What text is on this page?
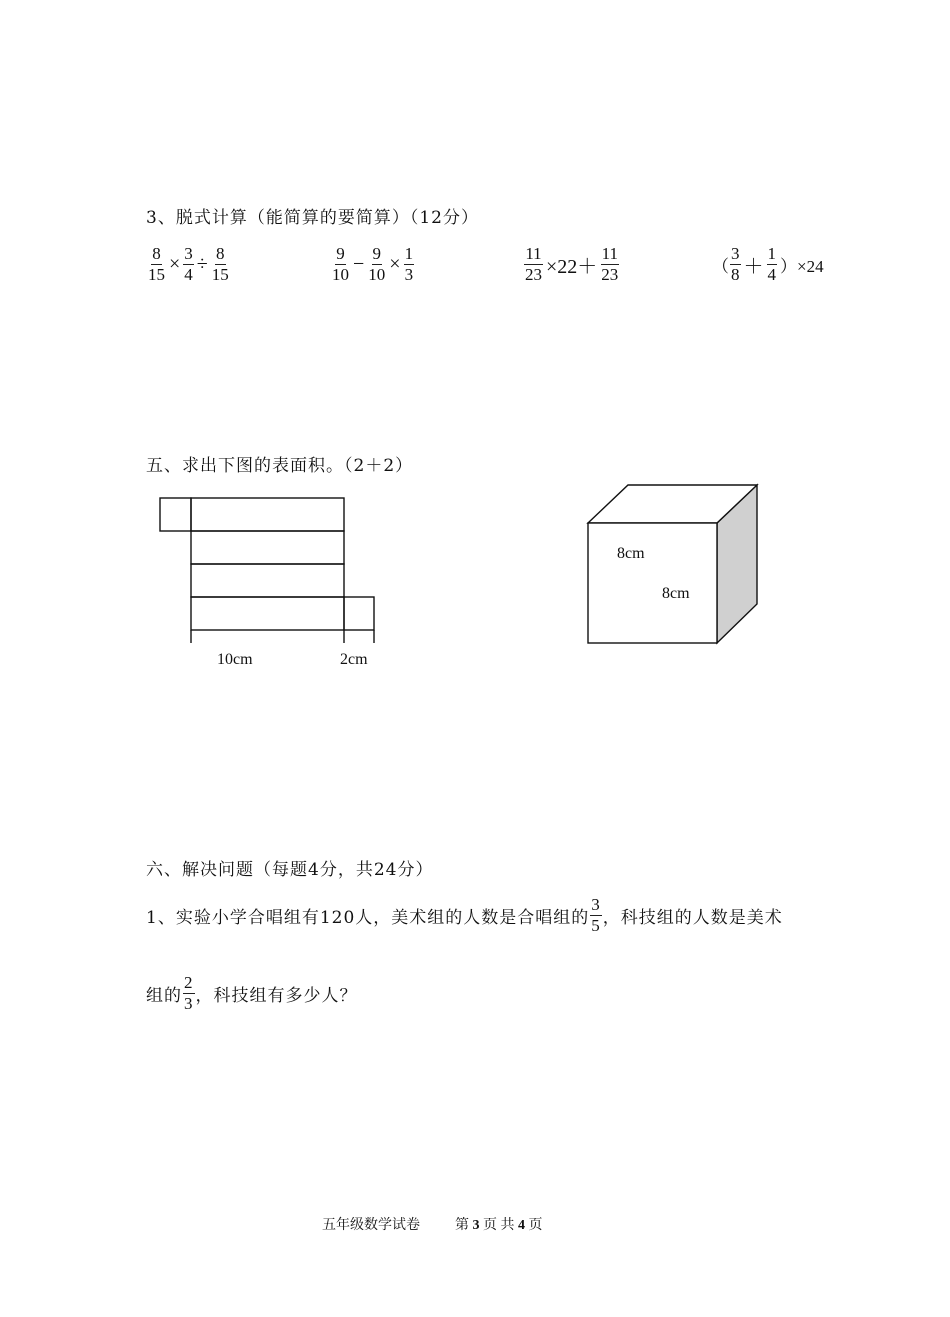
3、脱式计算（能简算的要简算）（12分）
$\frac{8}{15} \times \frac{3}{4} \div \frac{8}{15}$	$\frac{9}{10} - \frac{9}{10} \times \frac{1}{3}$	$\frac{11}{23} \times 22+ \frac{11}{23}$	（ $\frac{3}{8} + \frac{1}{4} )\times 24$
五、求出下图的表面积。（2＋2）
10cm	2cm
8cm
8cm
六、解决问题（每题4分，共24分）
1、实验小学合唱组有120人，美术组的人数是合唱组的 $\frac{3}{5}$ ，科技组的人数是美术
组的 $\frac{2}{3}$ ，科技组有多少人？
五年级数学试卷	第 3 页 共 4 页
